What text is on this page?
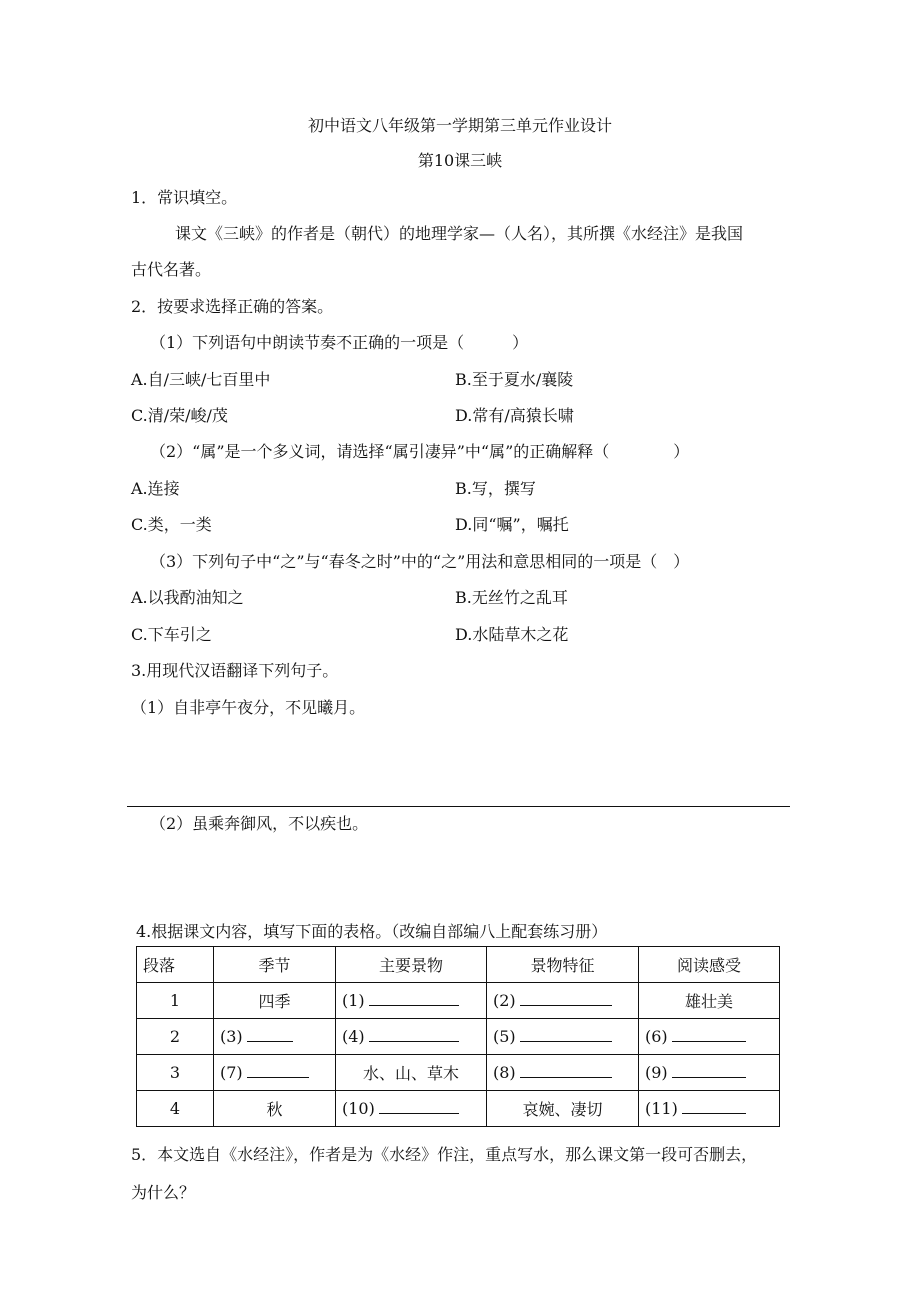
初中语文八年级第一学期第三单元作业设计
第10课三峡
1．常识填空。
课文《三峡》的作者是（朝代）的地理学家—（人名），其所撰《水经注》是我国
古代名著。
2．按要求选择正确的答案。
（1）下列语句中朗读节奏不正确的一项是（　　　）
A.自/三峡/七百里中	B.至于夏水/襄陵
C.清/荣/峻/茂	D.常有/高猿长啸
（2）“属”是一个多义词，请选择“属引凄异”中“属”的正确解释（　　　　）
A.连接	B.写，撰写
C.类，一类	D.同“嘱”，嘱托
（3）下列句子中“之”与“春冬之时”中的“之”用法和意思相同的一项是（　）
A.以我酌油知之	B.无丝竹之乱耳
C.下车引之	D.水陆草木之花
3.用现代汉语翻译下列句子。
（1）自非亭午夜分，不见曦月。
（2）虽乘奔御风，不以疾也。
4.根据课文内容，填写下面的表格。（改编自部编八上配套练习册）
段落	季节	主要景物	景物特征	阅读感受
1	四季	(1)	(2)	雄壮美
2	(3)	(4)	(5)	(6)
3	(7)	水、山、草木	(8)	(9)
4	秋	(10)	哀婉、凄切	(11)
5．本文选自《水经注》，作者是为《水经》作注，重点写水，那么课文第一段可否删去，
为什么？
